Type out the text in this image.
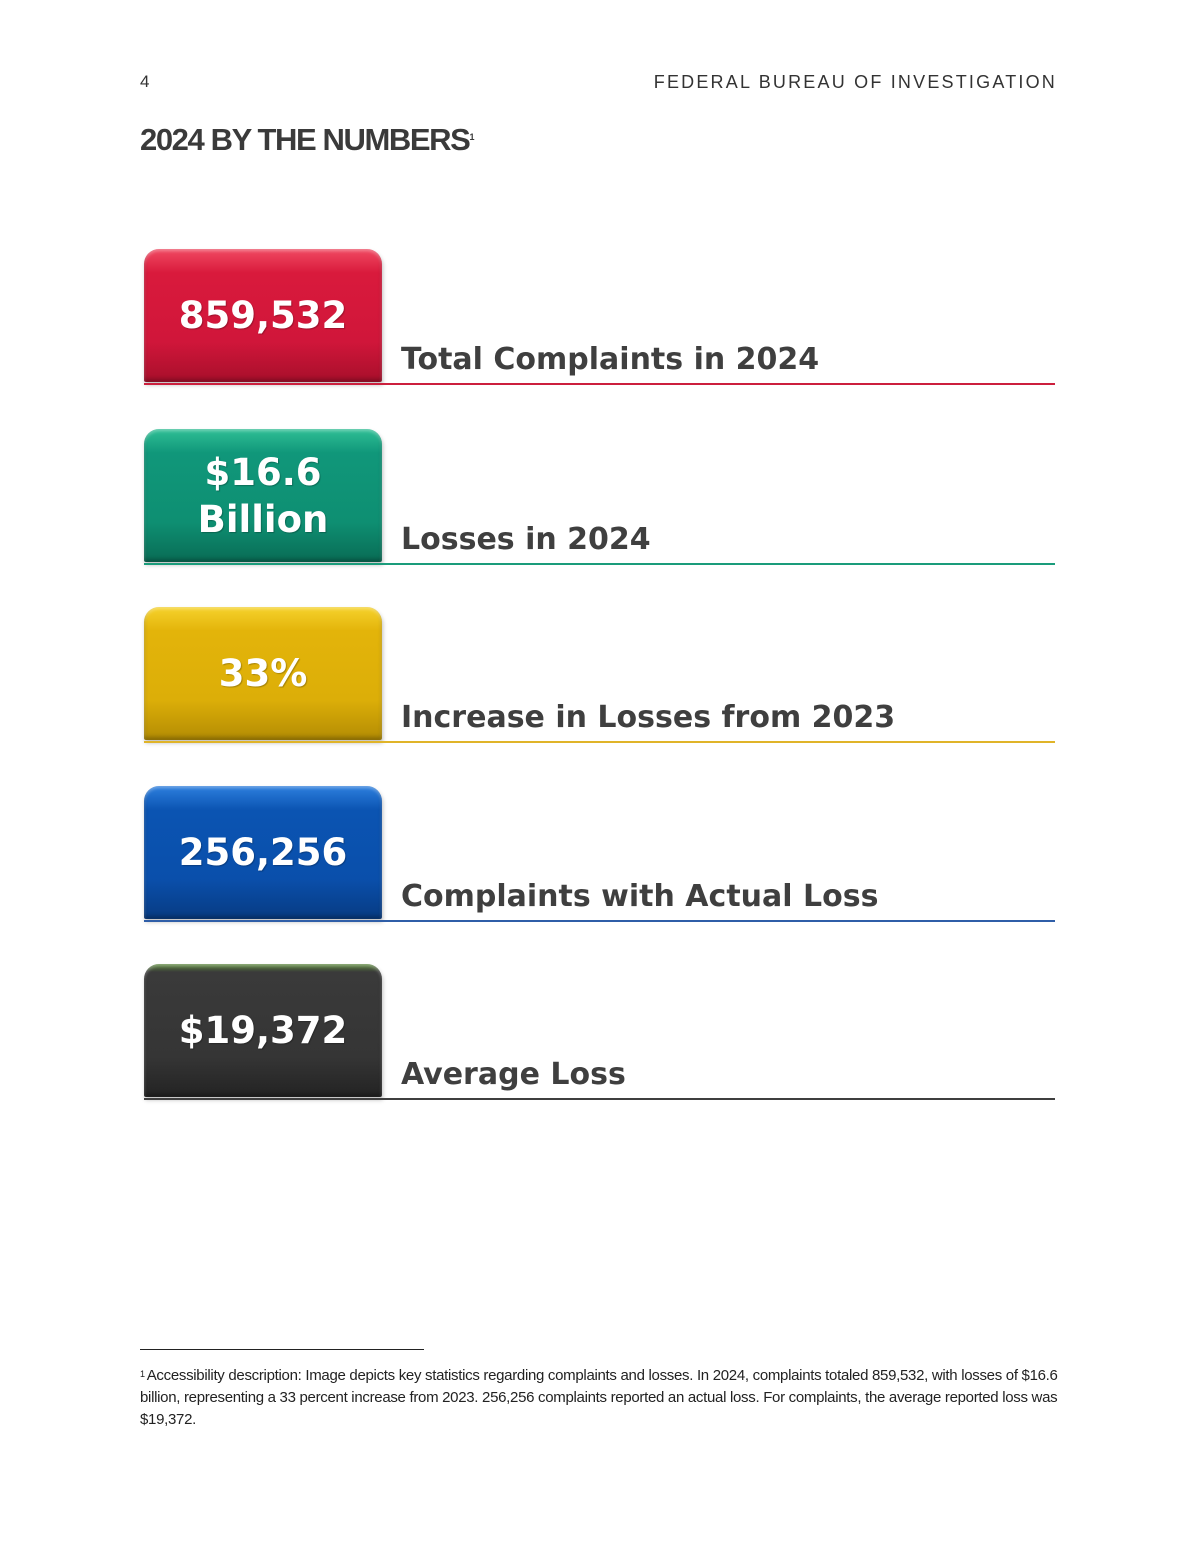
4	FEDERAL BUREAU OF INVESTIGATION
2024 BY THE NUMBERS$^1$
859,532
Total Complaints in 2024
$16.6
Billion Losses in 2024
33%
Increase in Losses from 2023
256,256
Complaints with Actual Loss
$19,372
Average Loss
$^1$ Accessibility description: Image depicts key statistics regarding complaints and losses. In 2024, complaints totaled 859,532, with losses of $16.6 billion, representing a 33 percent increase from 2023. 256,256 complaints reported an actual loss. For complaints, the average reported loss was $19,372.
